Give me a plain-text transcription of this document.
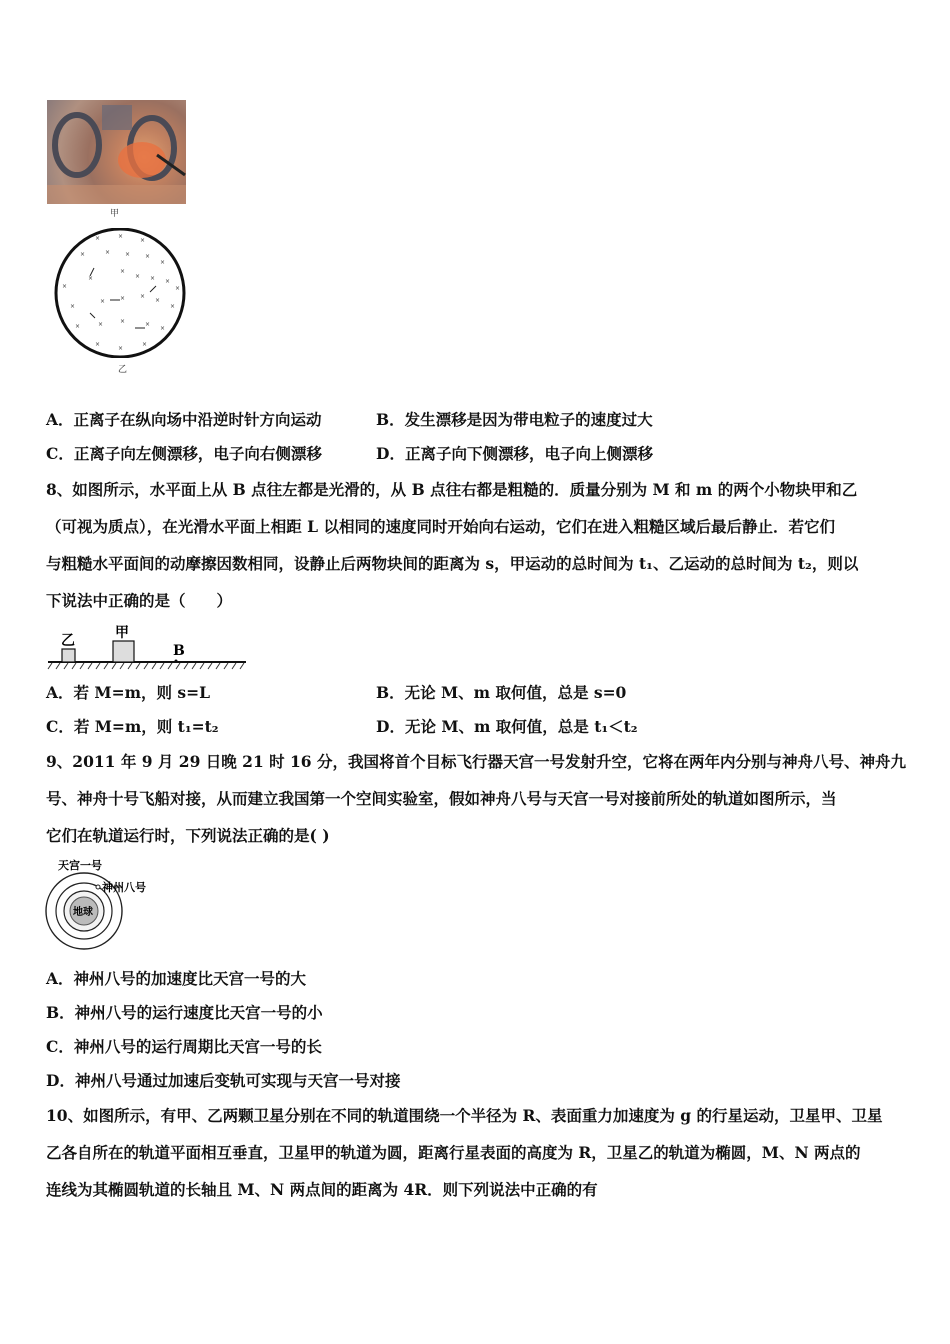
甲
×	×
×
×	× × ×
×
×
×
×
× × ×
×
×
× × ×
×
×
×	×	×	×
×
×
×
×
乙
A．正离子在纵向场中沿逆时针方向运动	B．发生漂移是因为带电粒子的速度过大
C．正离子向左侧漂移，电子向右侧漂移	D．正离子向下侧漂移，电子向上侧漂移
8、如图所示，水平面上从 B 点往左都是光滑的，从 B 点往右都是粗糙的．质量分别为 M 和 m 的两个小物块甲和乙
（可视为质点），在光滑水平面上相距 L 以相同的速度同时开始向右运动，它们在进入粗糙区域后最后静止．若它们
与粗糙水平面间的动摩擦因数相同，设静止后两物块间的距离为 s，甲运动的总时间为 t₁、乙运动的总时间为 t₂，则以
下说法中正确的是（　　）
乙	甲
B
A．若 M=m，则 s=L	B．无论 M、m 取何值，总是 s=0
C．若 M=m，则 t₁=t₂	D．无论 M、m 取何值，总是 t₁＜t₂
9、2011 年 9 月 29 日晚 21 时 16 分，我国将首个目标飞行器天宫一号发射升空，它将在两年内分别与神舟八号、神舟九
号、神舟十号飞船对接，从而建立我国第一个空间实验室，假如神舟八号与天宫一号对接前所处的轨道如图所示，当
它们在轨道运行时，下列说法正确的是( )
天宫一号
神州八号
地球
A．神州八号的加速度比天宫一号的大
B．神州八号的运行速度比天宫一号的小
C．神州八号的运行周期比天宫一号的长
D．神州八号通过加速后变轨可实现与天宫一号对接
10、如图所示，有甲、乙两颗卫星分别在不同的轨道围绕一个半径为 R、表面重力加速度为 g 的行星运动，卫星甲、卫星
乙各自所在的轨道平面相互垂直，卫星甲的轨道为圆，距离行星表面的高度为 R，卫星乙的轨道为椭圆，M、N 两点的
连线为其椭圆轨道的长轴且 M、N 两点间的距离为 4R．则下列说法中正确的有
